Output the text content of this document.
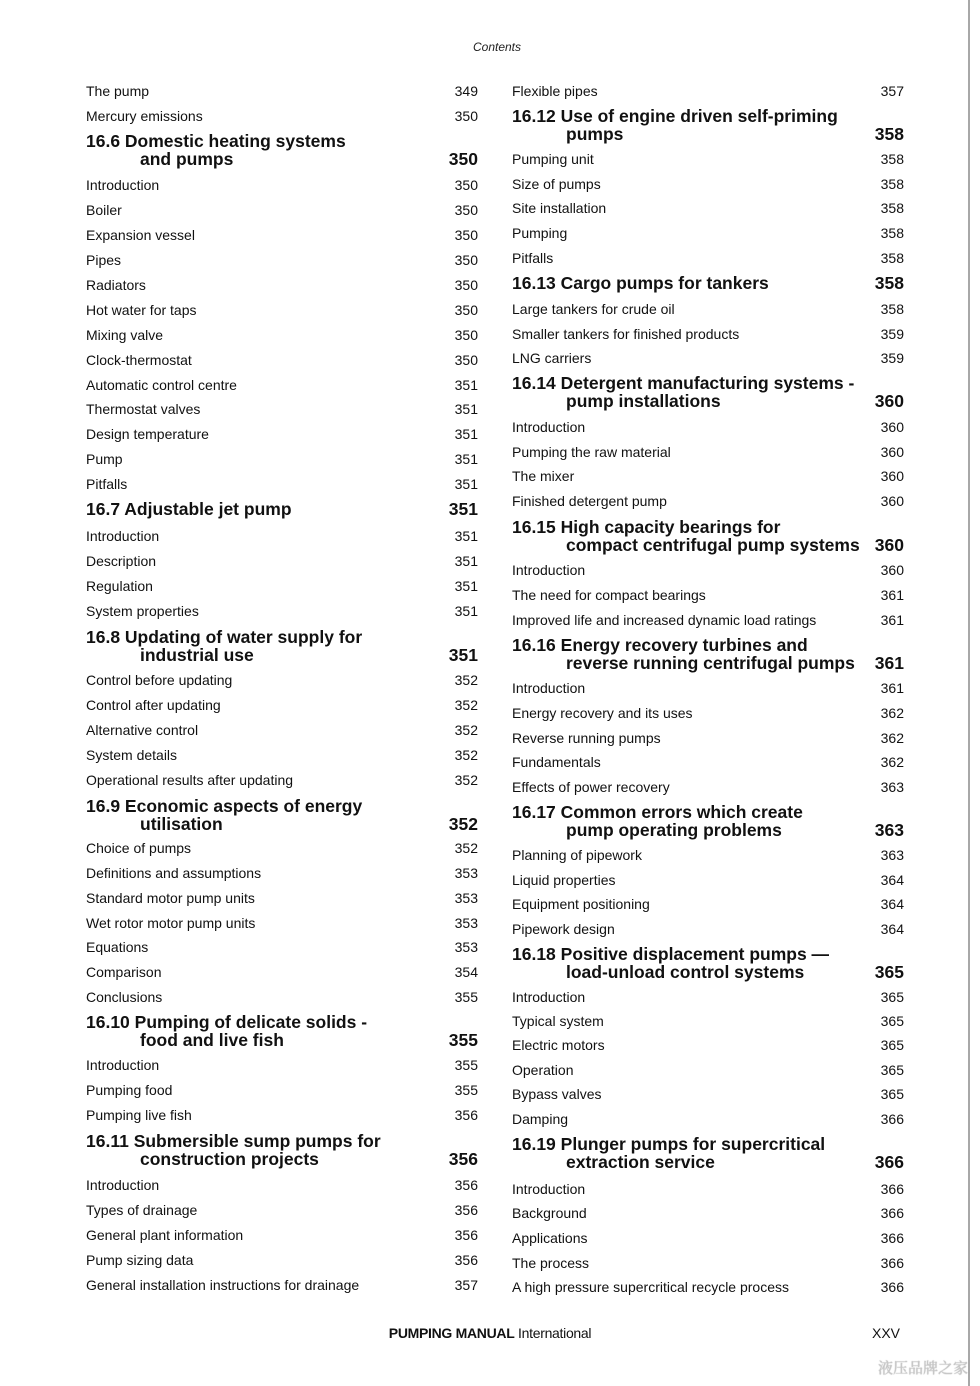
Contents
The pump	349
Mercury emissions	350
16.6 Domestic heating systems
and pumps	350
Introduction	350
Boiler	350
Expansion vessel	350
Pipes	350
Radiators	350
Hot water for taps	350
Mixing valve	350
Clock-thermostat	350
Automatic control centre	351
Thermostat valves	351
Design temperature	351
Pump	351
Pitfalls	351
16.7 Adjustable jet pump	351
Introduction	351
Description	351
Regulation	351
System properties	351
16.8 Updating of water supply for
industrial use	351
Control before updating	352
Control after updating	352
Alternative control	352
System details	352
Operational results after updating	352
16.9 Economic aspects of energy
utilisation	352
Choice of pumps	352
Definitions and assumptions	353
Standard motor pump units	353
Wet rotor motor pump units	353
Equations	353
Comparison	354
Conclusions	355
16.10 Pumping of delicate solids -
food and live fish	355
Introduction	355
Pumping food	355
Pumping live fish	356
16.11 Submersible sump pumps for
construction projects	356
Introduction	356
Types of drainage	356
General plant information	356
Pump sizing data	356
General installation instructions for drainage	357
Flexible pipes	357
16.12 Use of engine driven self-priming
pumps	358
Pumping unit	358
Size of pumps	358
Site installation	358
Pumping	358
Pitfalls	358
16.13 Cargo pumps for tankers	358
Large tankers for crude oil	358
Smaller tankers for finished products	359
LNG carriers	359
16.14 Detergent manufacturing systems -
pump installations	360
Introduction	360
Pumping the raw material	360
The mixer	360
Finished detergent pump	360
16.15 High capacity bearings for
compact centrifugal pump systems 360
Introduction	360
The need for compact bearings	361
Improved life and increased dynamic load ratings	361
16.16 Energy recovery turbines and
reverse running centrifugal pumps 361
Introduction	361
Energy recovery and its uses	362
Reverse running pumps	362
Fundamentals	362
Effects of power recovery	363
16.17 Common errors which create
pump operating problems	363
Planning of pipework	363
Liquid properties	364
Equipment positioning	364
Pipework design	364
16.18 Positive displacement pumps —
load-unload control systems	365
Introduction	365
Typical system	365
Electric motors	365
Operation	365
Bypass valves	365
Damping	366
16.19 Plunger pumps for supercritical
extraction service	366
Introduction	366
Background	366
Applications	366
The process	366
A high pressure supercritical recycle process	366
PUMPING MANUAL International	XXV
液压品牌之家
